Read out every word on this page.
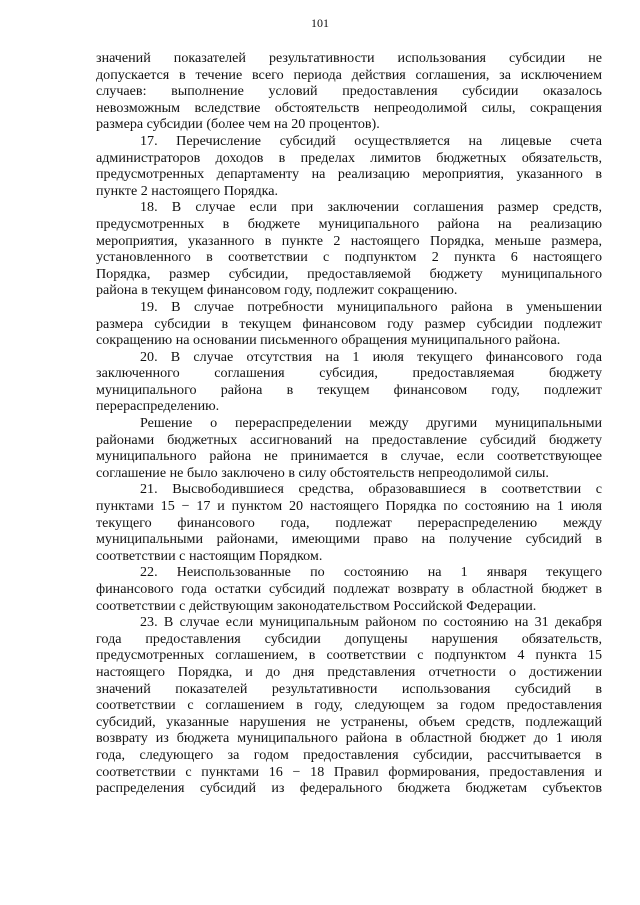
101
значений показателей результативности использования субсидии не
допускается в течение всего периода действия соглашения, за исключением
случаев: выполнение условий предоставления субсидии оказалось
невозможным вследствие обстоятельств непреодолимой силы, сокращения
размера субсидии (более чем на 20 процентов).
17. Перечисление субсидий осуществляется на лицевые счета
администраторов доходов в пределах лимитов бюджетных обязательств,
предусмотренных департаменту на реализацию мероприятия, указанного в
пункте 2 настоящего Порядка.
18. В случае если при заключении соглашения размер средств,
предусмотренных в бюджете муниципального района на реализацию
мероприятия, указанного в пункте 2 настоящего Порядка, меньше размера,
установленного в соответствии с подпунктом 2 пункта 6 настоящего
Порядка, размер субсидии, предоставляемой бюджету муниципального
района в текущем финансовом году, подлежит сокращению.
19. В случае потребности муниципального района в уменьшении
размера субсидии в текущем финансовом году размер субсидии подлежит
сокращению на основании письменного обращения муниципального района.
20. В случае отсутствия на 1 июля текущего финансового года
заключенного соглашения субсидия, предоставляемая бюджету
муниципального района в текущем финансовом году, подлежит
перераспределению.
Решение о перераспределении между другими муниципальными
районами бюджетных ассигнований на предоставление субсидий бюджету
муниципального района не принимается в случае, если соответствующее
соглашение не было заключено в силу обстоятельств непреодолимой силы.
21. Высвободившиеся средства, образовавшиеся в соответствии с
пунктами 15 − 17 и пунктом 20 настоящего Порядка по состоянию на 1 июля
текущего финансового года, подлежат перераспределению между
муниципальными районами, имеющими право на получение субсидий в
соответствии с настоящим Порядком.
22. Неиспользованные по состоянию на 1 января текущего
финансового года остатки субсидий подлежат возврату в областной бюджет в
соответствии с действующим законодательством Российской Федерации.
23. В случае если муниципальным районом по состоянию на 31 декабря
года предоставления субсидии допущены нарушения обязательств,
предусмотренных соглашением, в соответствии с подпунктом 4 пункта 15
настоящего Порядка, и до дня представления отчетности о достижении
значений показателей результативности использования субсидий в
соответствии с соглашением в году, следующем за годом предоставления
субсидий, указанные нарушения не устранены, объем средств, подлежащий
возврату из бюджета муниципального района в областной бюджет до 1 июля
года, следующего за годом предоставления субсидии, рассчитывается в
соответствии с пунктами 16 − 18 Правил формирования, предоставления и
распределения субсидий из федерального бюджета бюджетам субъектов
